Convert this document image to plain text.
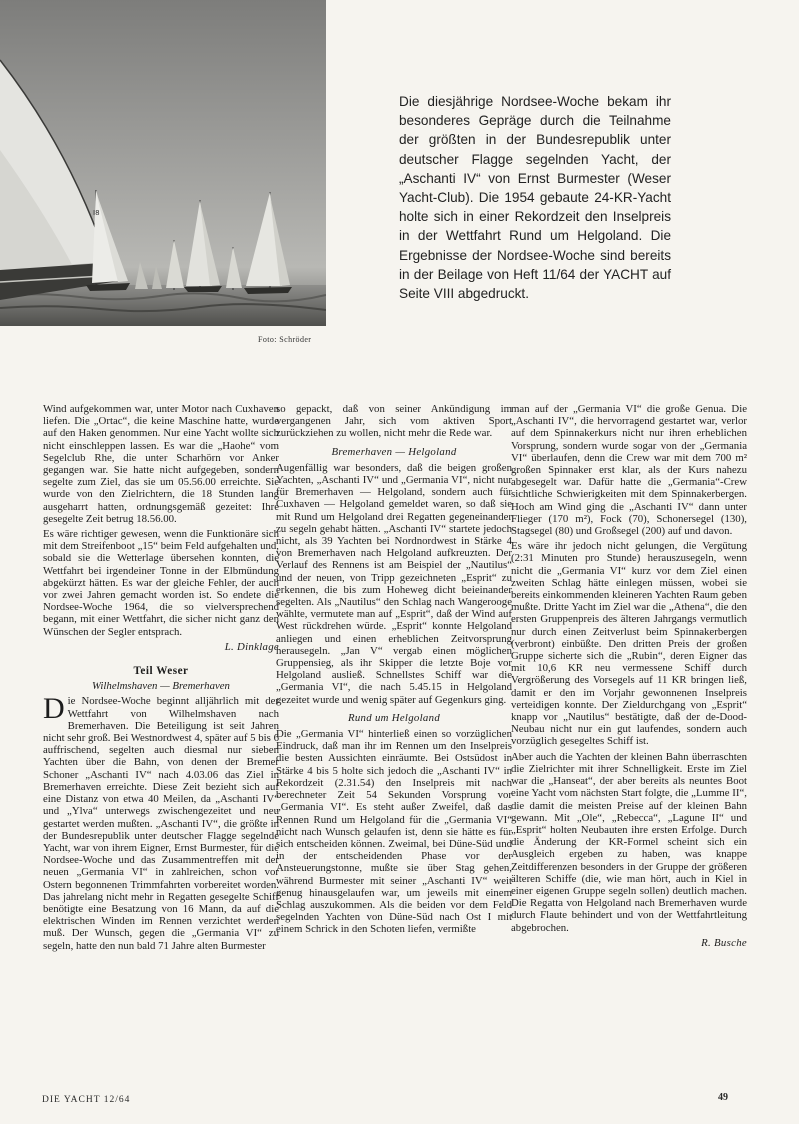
I8
Foto: Schröder

Die diesjährige Nordsee-Woche bekam ihr besonderes Gepräge durch die Teilnahme der größten in der Bundesrepublik unter deutscher Flagge segelnden Yacht, der „Aschanti IV“ von Ernst Burmester (Weser Yacht-Club). Die 1954 gebaute 24-KR-Yacht holte sich in einer Rekordzeit den Inselpreis in der Wettfahrt Rund um Helgoland. Die Ergebnisse der Nordsee-Woche sind bereits in der Beilage von Heft 11/64 der YACHT auf Seite VIII abgedruckt.

Wind aufgekommen war, unter Motor nach Cuxhaven liefen. Die „Ortac“, die keine Maschine hatte, wurde auf den Haken genommen. Nur eine Yacht wollte sich nicht einschleppen lassen. Es war die „Haohe“ vom Segelclub Rhe, die unter Scharhörn vor Anker gegangen war. Sie hatte nicht aufgegeben, sondern segelte zum Ziel, das sie um 05.56.00 erreichte. Sie wurde von den Zielrichtern, die 18 Stunden lang ausgeharrt hatten, ordnungsgemäß gezeitet: Ihre gesegelte Zeit betrug 18.56.00.

Es wäre richtiger gewesen, wenn die Funktionäre sich mit dem Streifenboot „15“ beim Feld aufgehalten und, sobald sie die Wetterlage übersehen konnten, die Wettfahrt bei irgendeiner Tonne in der Elbmündung abgekürzt hätten. Es war der gleiche Fehler, der auch vor zwei Jahren gemacht worden ist. So endete die Nordsee-Woche 1964, die so vielversprechend begann, mit einer Wettfahrt, die sicher nicht ganz den Wünschen der Segler entsprach.

L. Dinklage
Teil Weser
Wilhelmshaven — Bremerhaven

Die Nordsee-Woche beginnt alljährlich mit der Wettfahrt von Wilhelmshaven nach Bremerhaven. Die Beteiligung ist seit Jahren nicht sehr groß. Bei Westnordwest 4, später auf 5 bis 6 auffrischend, segelten auch diesmal nur sieben Yachten über die Bahn, von denen der Bremer Schoner „Aschanti IV“ nach 4.03.06 das Ziel in Bremerhaven erreichte. Diese Zeit bezieht sich auf eine Distanz von etwa 40 Meilen, da „Aschanti IV“ und „Ylva“ unterwegs zwischengezeitet und neu gestartet werden mußten. „Aschanti IV“, die größte in der Bundesrepublik unter deutscher Flagge segelnde Yacht, war von ihrem Eigner, Ernst Burmester, für die Nordsee-Woche und das Zusammentreffen mit der neuen „Germania VI“ in zahlreichen, schon vor Ostern begonnenen Trimmfahrten vorbereitet worden. Das jahrelang nicht mehr in Regatten gesegelte Schiff benötigte eine Besatzung von 16 Mann, da auf die elektrischen Winden im Rennen verzichtet werden muß. Der Wunsch, gegen die „Germania VI“ zu segeln, hatte den nun bald 71 Jahre alten Burmester

so gepackt, daß von seiner Ankündigung im vergangenen Jahr, sich vom aktiven Sport zurückziehen zu wollen, nicht mehr die Rede war.

Bremerhaven — Helgoland

Augenfällig war besonders, daß die beigen großen Yachten, „Aschanti IV“ und „Germania VI“, nicht nur für Bremerhaven — Helgoland, sondern auch für Cuxhaven — Helgoland gemeldet waren, so daß sie mit Rund um Helgoland drei Regatten gegeneinander zu segeln gehabt hätten. „Aschanti IV“ startete jedoch nicht, als 39 Yachten bei Nordnordwest in Stärke 4 von Bremerhaven nach Helgoland aufkreuzten. Der Verlauf des Rennens ist am Beispiel der „Nautilus“ und der neuen, von Tripp gezeichneten „Esprit“ zu erkennen, die bis zum Hoheweg dicht beieinander segelten. Als „Nautilus“ den Schlag nach Wangerooge wählte, vermutete man auf „Esprit“, daß der Wind auf West rückdrehen würde. „Esprit“ konnte Helgoland anliegen und einen erheblichen Zeitvorsprung herausegeln. „Jan V“ vergab einen möglichen Gruppensieg, als ihr Skipper die letzte Boje vor Helgoland ausließ. Schnellstes Schiff war die „Germania VI“, die nach 5.45.15 in Helgoland gezeitet wurde und wenig später auf Gegenkurs ging.

Rund um Helgoland

Die „Germania VI“ hinterließ einen so vorzüglichen Eindruck, daß man ihr im Rennen um den Inselpreis die besten Aussichten einräumte. Bei Ostsüdost in Stärke 4 bis 5 holte sich jedoch die „Aschanti IV“ in Rekordzeit (2.31.54) den Inselpreis mit nach berechneter Zeit 54 Sekunden Vorsprung vor „Germania VI“. Es steht außer Zweifel, daß das Rennen Rund um Helgoland für die „Germania VI“ nicht nach Wunsch gelaufen ist, denn sie hätte es für sich entscheiden können. Zweimal, bei Düne-Süd und in der entscheidenden Phase vor der Ansteuerungstonne, mußte sie über Stag gehen, während Burmester mit seiner „Aschanti IV“ weit genug hinausgelaufen war, um jeweils mit einem Schlag auszukommen. Als die beiden vor dem Feld segelnden Yachten von Düne-Süd nach Ost I mit einem Schrick in den Schoten liefen, vermißte

man auf der „Germania VI“ die große Genua. Die „Aschanti IV“, die hervorragend gestartet war, verlor auf dem Spinnakerkurs nicht nur ihren erheblichen Vorsprung, sondern wurde sogar von der „Germania VI“ überlaufen, denn die Crew war mit dem 700 m² großen Spinnaker erst klar, als der Kurs nahezu abgesegelt war. Dafür hatte die „Germania“-Crew sichtliche Schwierigkeiten mit dem Spinnakerbergen. Hoch am Wind ging die „Aschanti IV“ dann unter Flieger (170 m²), Fock (70), Schonersegel (130), Stagsegel (80) und Großsegel (200) auf und davon.

Es wäre ihr jedoch nicht gelungen, die Vergütung (2:31 Minuten pro Stunde) herauszusegeln, wenn nicht die „Germania VI“ kurz vor dem Ziel einen zweiten Schlag hätte einlegen müssen, wobei sie bereits einkommenden kleineren Yachten Raum geben mußte. Dritte Yacht im Ziel war die „Athena“, die den ersten Gruppenpreis des älteren Jahrgangs vermutlich nur durch einen Zeitverlust beim Spinnakerbergen (verbront) einbüßte. Den dritten Preis der großen Gruppe sicherte sich die „Rubin“, deren Eigner das mit 10,6 KR neu vermessene Schiff durch Vergrößerung des Vorsegels auf 11 KR bringen ließ, damit er den im Vorjahr gewonnenen Inselpreis verteidigen konnte. Der Zieldurchgang von „Esprit“ knapp vor „Nautilus“ bestätigte, daß der de-Dood-Neubau nicht nur ein gut laufendes, sondern auch vorzüglich gesegeltes Schiff ist.

Aber auch die Yachten der kleinen Bahn überraschten die Zielrichter mit ihrer Schnelligkeit. Erste im Ziel war die „Hanseat“, der aber bereits als neuntes Boot eine Yacht vom nächsten Start folgte, die „Lumme II“, die damit die meisten Preise auf der kleinen Bahn gewann. Mit „Ole“, „Rebecca“, „Lagune II“ und „Esprit“ holten Neubauten ihre ersten Erfolge. Durch die Änderung der KR-Formel scheint sich ein Ausgleich ergeben zu haben, was knappe Zeitdifferenzen besonders in der Gruppe der größeren älteren Schiffe (die, wie man hört, auch in Kiel in einer eigenen Gruppe segeln sollen) deutlich machen. Die Regatta von Helgoland nach Bremerhaven wurde durch Flaute behindert und von der Wettfahrtleitung abgebrochen.

R. Busche
DIE YACHT 12/64	49
